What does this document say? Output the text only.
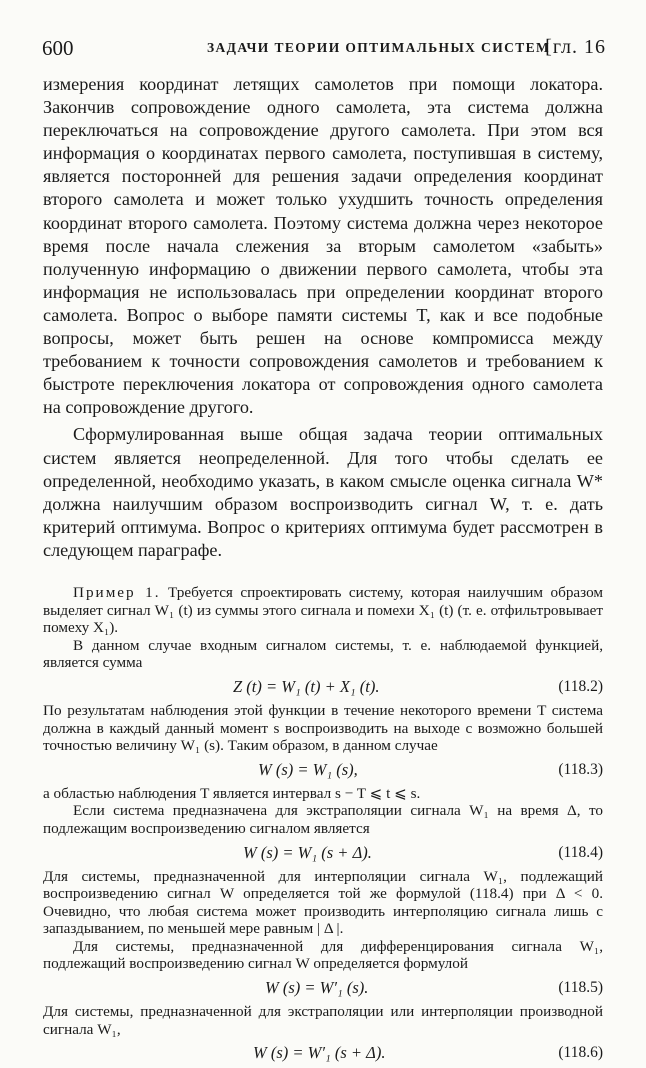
600	ЗАДАЧИ ТЕОРИИ ОПТИМАЛЬНЫХ СИСТЕМ
[гл. 16

измерения координат летящих самолетов при помощи локатора. Закончив сопровождение одного самолета, эта система должна переключаться на сопровождение другого самолета. При этом вся информация о координатах первого самолета, поступившая в систему, является посторонней для решения задачи определения координат второго самолета и может только ухудшить точность определения координат второго самолета. Поэтому система должна через некоторое время после начала слежения за вторым самолетом «забыть» полученную информацию о движении первого самолета, чтобы эта информация не использовалась при определении координат второго самолета. Вопрос о выборе памяти системы T, как и все подобные вопросы, может быть решен на основе компромисса между требованием к точности сопровождения самолетов и требованием к быстроте переключения локатора от сопровождения одного самолета на сопровождение другого.

Сформулированная выше общая задача теории оптимальных систем является неопределенной. Для того чтобы сделать ее определенной, необходимо указать, в каком смысле оценка сигнала W* должна наилучшим образом воспроизводить сигнал W, т. е. дать критерий оптимума. Вопрос о критериях оптимума будет рассмотрен в следующем параграфе.

Пример 1. Требуется спроектировать систему, которая наилучшим образом выделяет сигнал W₁ (t) из суммы этого сигнала и помехи X₁ (t) (т. е. отфильтровывает помеху X₁).

В данном случае входным сигналом системы, т. е. наблюдаемой функцией, является сумма

Z (t) = W₁ (t) + X₁ (t).	(118.2)

По результатам наблюдения этой функции в течение некоторого времени T система должна в каждый данный момент s воспроизводить на выходе с возможно большей точностью величину W₁ (s). Таким образом, в данном случае

W (s) = W₁ (s),	(118.3)

а областью наблюдения T является интервал s − T ⩽ t ⩽ s.

Если система предназначена для экстраполяции сигнала W₁ на время Δ, то подлежащим воспроизведению сигналом является

W (s) = W₁ (s + Δ).	(118.4)

Для системы, предназначенной для интерполяции сигнала W₁, подлежащий воспроизведению сигнал W определяется той же формулой (118.4) при Δ < 0. Очевидно, что любая система может производить интерполяцию сигнала лишь с запаздыванием, по меньшей мере равным | Δ |.

Для системы, предназначенной для дифференцирования сигнала W₁, подлежащий воспроизведению сигнал W определяется формулой

W (s) = W′₁ (s).	(118.5)

Для системы, предназначенной для экстраполяции или интерполяции производной сигнала W₁,

W (s) = W′₁ (s + Δ).	(118.6)
